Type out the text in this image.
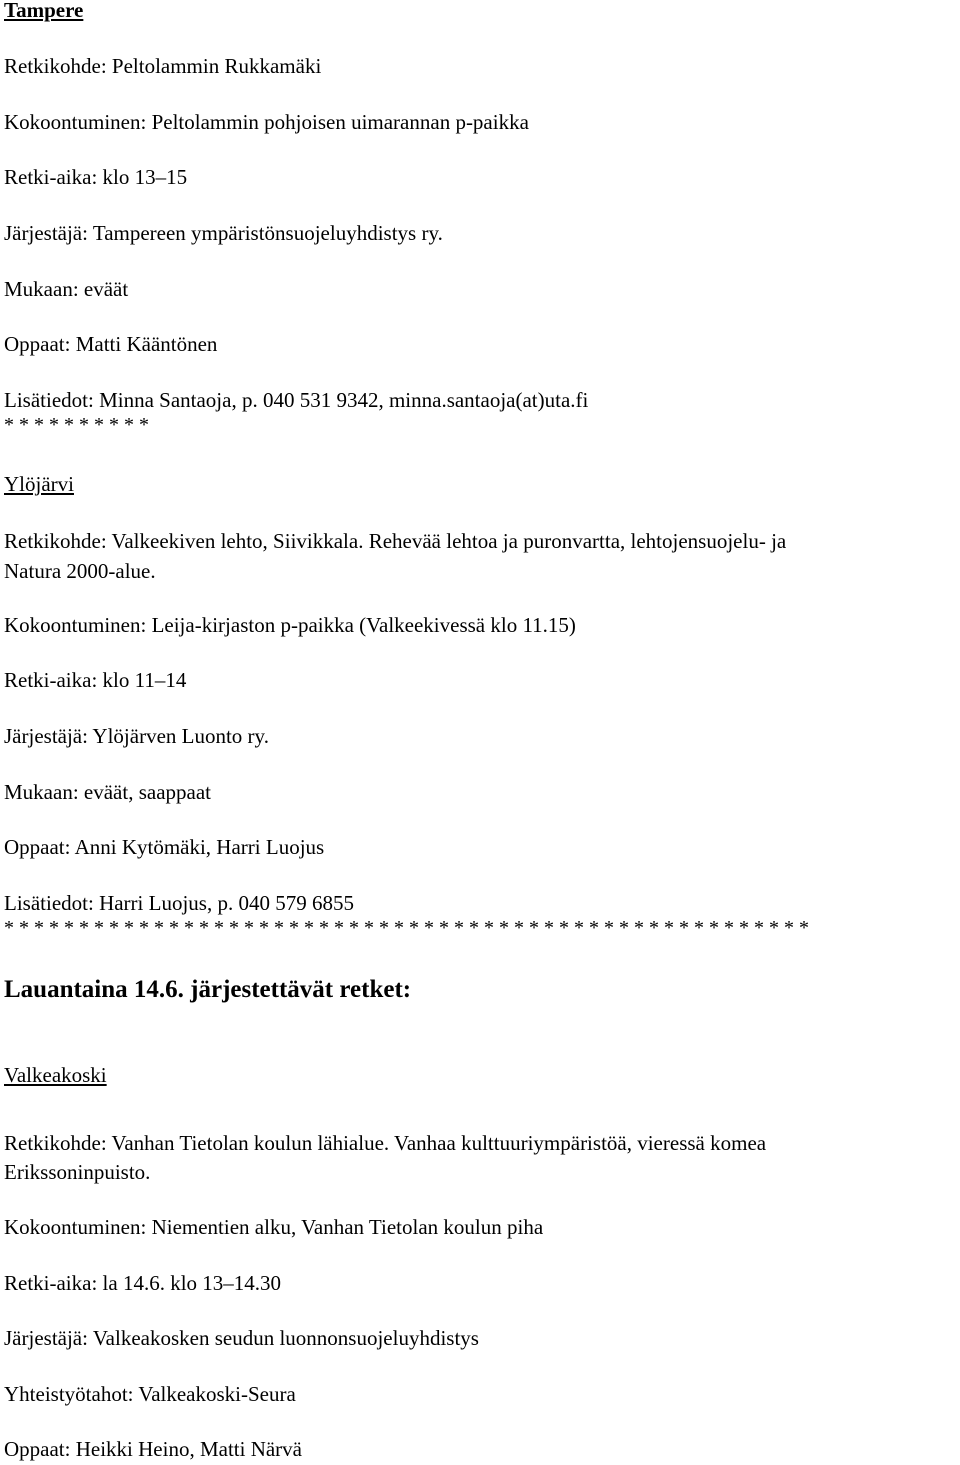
Tampere

Retkikohde: Peltolammin Rukkamäki

Kokoontuminen: Peltolammin pohjoisen uimarannan p-paikka

Retki-aika: klo 13–15

Järjestäjä: Tampereen ympäristönsuojeluyhdistys ry.

Mukaan: eväät

Oppaat: Matti Kääntönen

Lisätiedot: Minna Santaoja, p. 040 531 9342, minna.santaoja(at)uta.fi

* * * * * * * * * *

Ylöjärvi

Retkikohde: Valkeekiven lehto, Siivikkala. Rehevää lehtoa ja puronvartta, lehtojensuojelu- ja

Natura 2000-alue.

Kokoontuminen: Leija-kirjaston p-paikka (Valkeekivessä klo 11.15)

Retki-aika: klo 11–14

Järjestäjä: Ylöjärven Luonto ry.

Mukaan: eväät, saappaat

Oppaat: Anni Kytömäki, Harri Luojus

Lisätiedot: Harri Luojus, p. 040 579 6855

* * * * * * * * * * * * * * * * * * * * * * * * * * * * * * * * * * * * * * * * * * * * * * * * * * * * * *

Lauantaina 14.6. järjestettävät retket:

Valkeakoski

Retkikohde: Vanhan Tietolan koulun lähialue. Vanhaa kulttuuriympäristöä, vieressä komea

Erikssoninpuisto.

Kokoontuminen: Niementien alku, Vanhan Tietolan koulun piha

Retki-aika: la 14.6. klo 13–14.30

Järjestäjä: Valkeakosken seudun luonnonsuojeluyhdistys

Yhteistyötahot: Valkeakoski-Seura

Oppaat: Heikki Heino, Matti Närvä
